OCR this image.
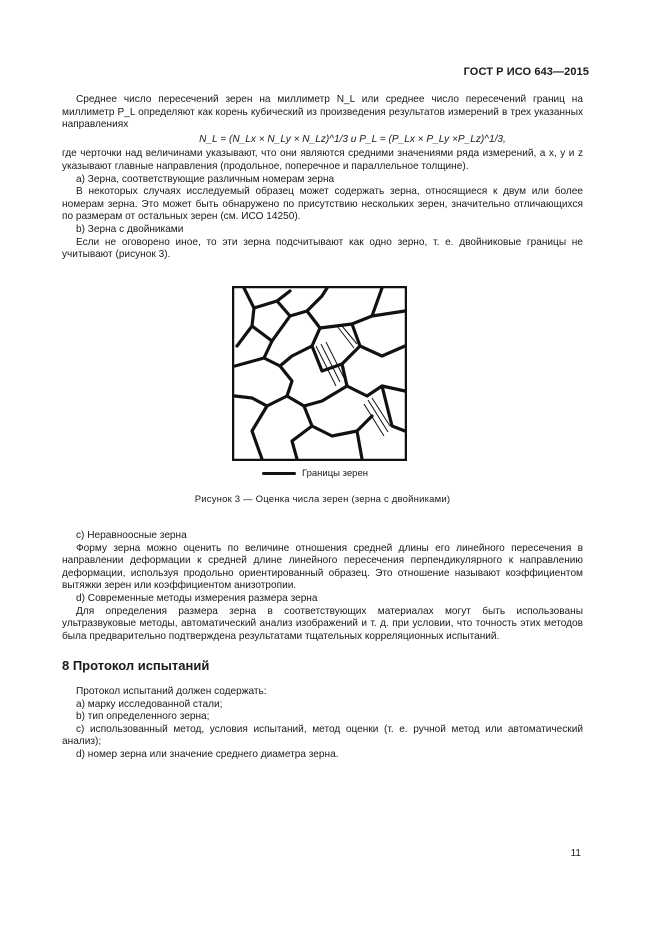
ГОСТ Р ИСО 643—2015

Среднее число пересечений зерен на миллиметр N_L или среднее число пересечений границ на миллиметр P_L определяют как корень кубический из произведения результатов измерений в трех указанных направлениях

N_L = (N_Lx × N_Ly × N_Lz)^1/3 и P_L = (P_Lx × P_Ly ×P_Lz)^1/3,

где черточки над величинами указывают, что они являются средними значениями ряда измерений, а x, y и z указывают главные направления (продольное, поперечное и параллельное толщине).

а) Зерна, соответствующие различным номерам зерна

В некоторых случаях исследуемый образец может содержать зерна, относящиеся к двум или более номерам зерна. Это может быть обнаружено по присутствию нескольких зерен, значительно отличающихся по размерам от остальных зерен (см. ИСО 14250).

b) Зерна с двойниками

Если не оговорено иное, то эти зерна подсчитывают как одно зерно, т. е. двойниковые границы не учитывают (рисунок 3).

Границы зерен
Рисунок 3 — Оценка числа зерен (зерна с двойниками)

с) Неравноосные зерна

Форму зерна можно оценить по величине отношения средней длины его линейного пересечения в направлении деформации к средней длине линейного пересечения перпендикулярного к направлению деформации, используя продольно ориентированный образец. Это отношение называют коэффициентом вытяжки зерен или коэффициентом анизотропии.

d) Современные методы измерения размера зерна

Для определения размера зерна в соответствующих материалах могут быть использованы ультразвуковые методы, автоматический анализ изображений и т. д. при условии, что точность этих методов была предварительно подтверждена результатами тщательных корреляционных испытаний.

8 Протокол испытаний

Протокол испытаний должен содержать:

а) марку исследованной стали;

b) тип определенного зерна;

с) использованный метод, условия испытаний, метод оценки (т. е. ручной метод или автоматический анализ);

d) номер зерна или значение среднего диаметра зерна.

11
